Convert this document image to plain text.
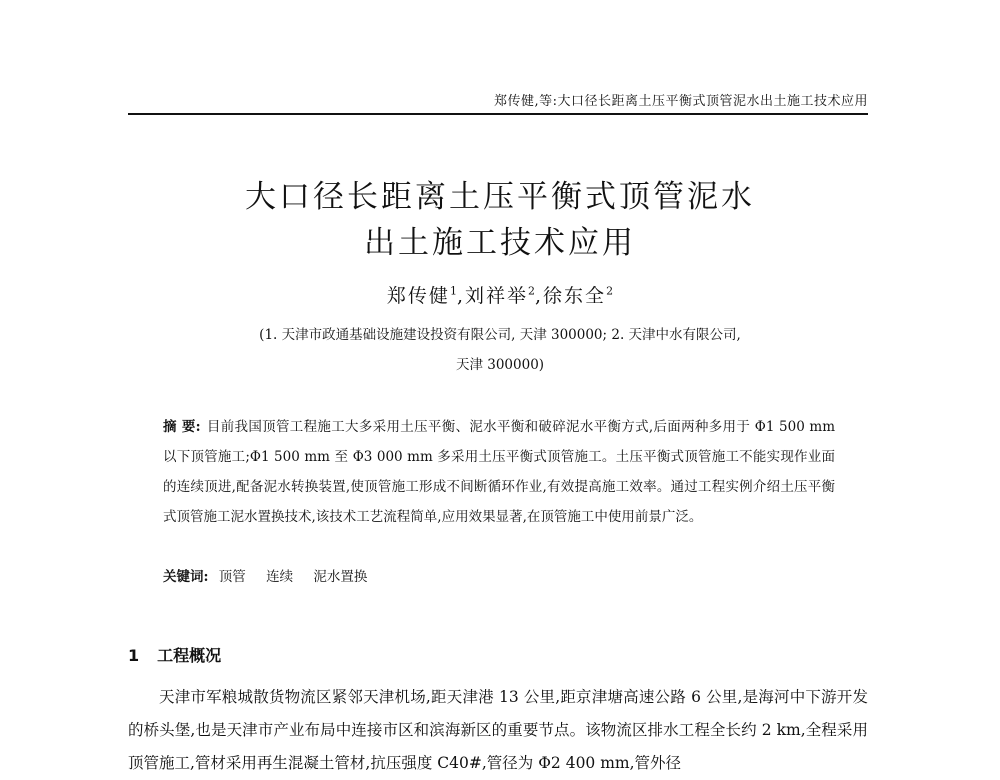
郑传健,等:大口径长距离土压平衡式顶管泥水出土施工技术应用
大口径长距离土压平衡式顶管泥水
出土施工技术应用
郑传健$^1$,刘祥举$^2$,徐东全$^2$
(1. 天津市政通基础设施建设投资有限公司, 天津 300000; 2. 天津中水有限公司,
天津 300000)
摘 要: 目前我国顶管工程施工大多采用土压平衡、泥水平衡和破碎泥水平衡方式,后面两种多用于 Φ1 500 mm 以下顶管施工;Φ1 500 mm 至 Φ3 000 mm 多采用土压平衡式顶管施工。土压平衡式顶管施工不能实现作业面的连续顶进,配备泥水转换装置,使顶管施工形成不间断循环作业,有效提高施工效率。通过工程实例介绍土压平衡式顶管施工泥水置换技术,该技术工艺流程简单,应用效果显著,在顶管施工中使用前景广泛。
关键词: 顶管 连续 泥水置换
1 工程概况
天津市军粮城散货物流区紧邻天津机场,距天津港 13 公里,距京津塘高速公路 6 公里,是海河中下游开发的桥头堡,也是天津市产业布局中连接市区和滨海新区的重要节点。该物流区排水工程全长约 2 km,全程采用顶管施工,管材采用再生混凝土管材,抗压强度 C40#,管径为 Φ2 400 mm,管外径
